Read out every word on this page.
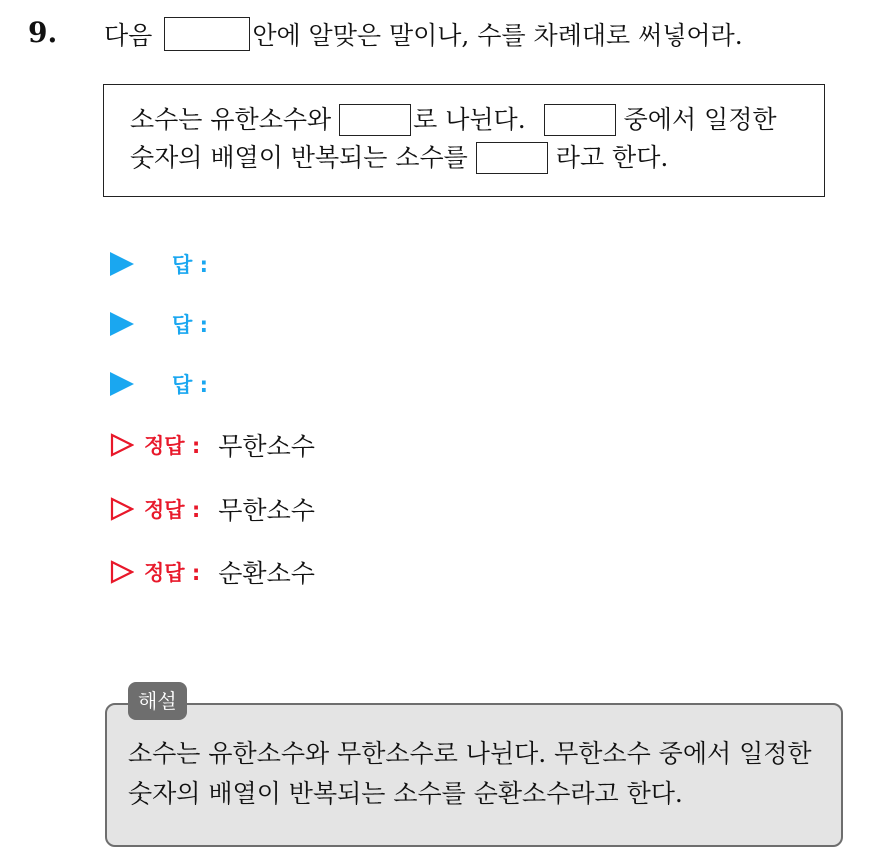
9. 다음	안에 알맞은 말이나, 수를 차례대로 써넣어라.
소수는 유한소수와	로 나뉜다.	중에서 일정한
숫자의 배열이 반복되는 소수를	라고 한다.
답 :
답 :
답 :
정답 : 무한소수
정답 : 무한소수
정답 : 순환소수
해설
소수는 유한소수와 무한소수로 나뉜다. 무한소수 중에서 일정한
숫자의 배열이 반복되는 소수를 순환소수라고 한다.
